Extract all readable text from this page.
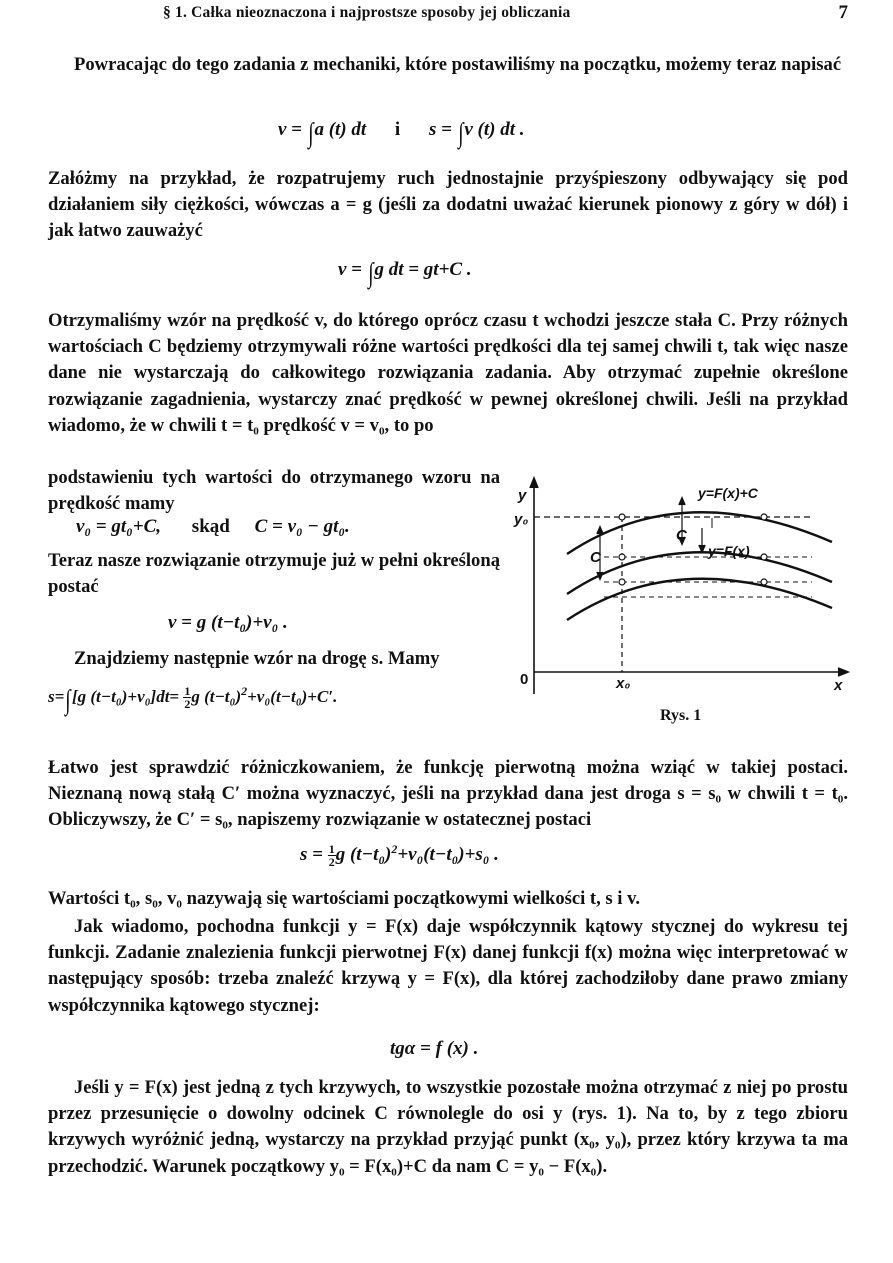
§ 1. Całka nieoznaczona i najprostsze sposoby jej obliczania	7

Powracając do tego zadania z mechaniki, które postawiliśmy na początku, możemy teraz napisać

v = ∫a (t) dt i s = ∫v (t) dt .

Załóżmy na przykład, że rozpatrujemy ruch jednostajnie przyśpieszony odbywający się pod działaniem siły ciężkości, wówczas a = g (jeśli za dodatni uważać kierunek pionowy z góry w dół) i jak łatwo zauważyć

v = ∫g dt = gt+C .

Otrzymaliśmy wzór na prędkość v, do którego oprócz czasu t wchodzi jeszcze stała C. Przy różnych wartościach C będziemy otrzymywali różne wartości prędkości dla tej samej chwili t, tak więc nasze dane nie wystarczają do całkowitego rozwiązania zadania. Aby otrzymać zupełnie określone rozwiązanie zagadnienia, wystarczy znać prędkość w pewnej określonej chwili. Jeśli na przykład wiadomo, że w chwili t = t₀ prędkość v = v₀, to po

podstawieniu tych wartości do otrzymanego wzoru na prędkość mamy

v₀ = gt₀+C, skąd C = v₀ − gt₀.

Teraz nasze rozwiązanie otrzymuje już w pełni określoną postać

v = g (t−t₀)+v₀ .

Znajdziemy następnie wzór na drogę s. Mamy

s=∫[g $(t-t_0)+v_0]dt= \frac{1}{2}$ g $(t-t_0)^2+v_0(t-t_0)+C'$.
y
y₀
x
x₀
0
y=F(x)+C
y=F(x)
C
C
Rys. 1

Łatwo jest sprawdzić różniczkowaniem, że funkcję pierwotną można wziąć w takiej postaci. Nieznaną nową stałą C′ można wyznaczyć, jeśli na przykład dana jest droga s = s₀ w chwili t = t₀. Obliczywszy, że C′ = s₀, napiszemy rozwiązanie w ostatecznej postaci

$s = \frac{1}{2}$ g $(t-t_0)^2+v_0(t-t_0)+s_0$ .

Wartości t₀, s₀, v₀ nazywają się wartościami początkowymi wielkości t, s i v.

Jak wiadomo, pochodna funkcji y = F(x) daje współczynnik kątowy stycznej do wykresu tej funkcji. Zadanie znalezienia funkcji pierwotnej F(x) danej funkcji f(x) można więc interpretować w następujący sposób: trzeba znaleźć krzywą y = F(x), dla której zachodziłoby dane prawo zmiany współczynnika kątowego stycznej:

tgα = f (x) .

Jeśli y = F(x) jest jedną z tych krzywych, to wszystkie pozostałe można otrzymać z niej po prostu przez przesunięcie o dowolny odcinek C równolegle do osi y (rys. 1). Na to, by z tego zbioru krzywych wyróżnić jedną, wystarczy na przykład przyjąć punkt (x₀, y₀), przez który krzywa ta ma przechodzić. Warunek początkowy y₀ = F(x₀)+C da nam C = y₀ − F(x₀).
